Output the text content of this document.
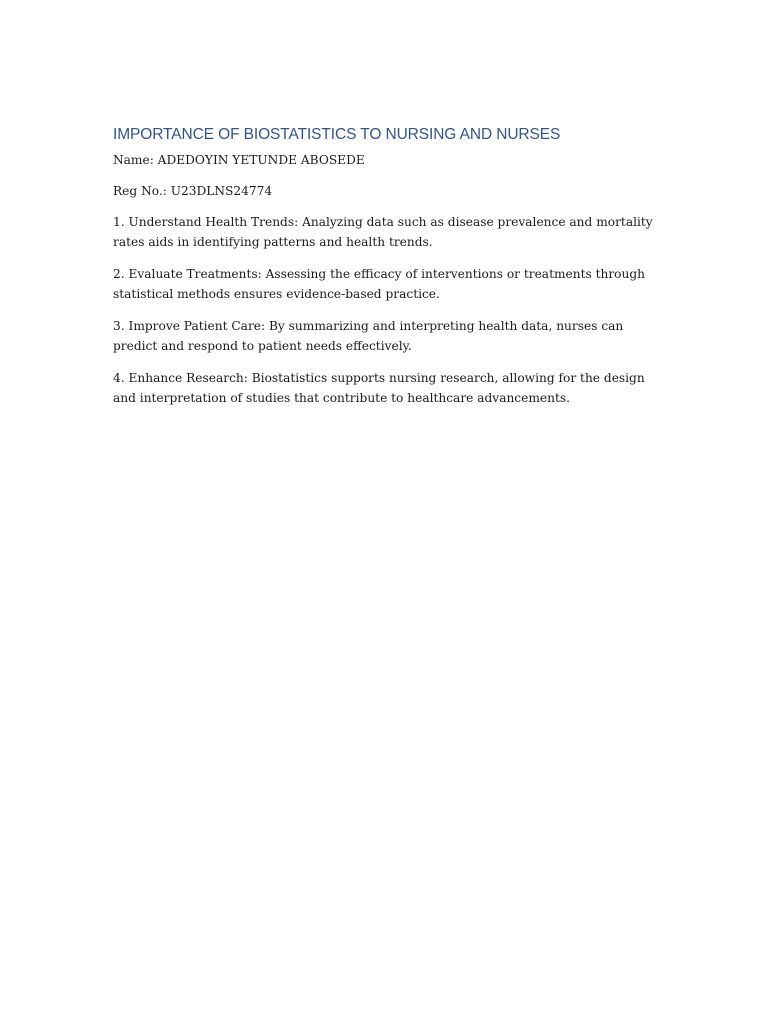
IMPORTANCE OF BIOSTATISTICS TO NURSING AND NURSES

Name: ADEDOYIN YETUNDE ABOSEDE

Reg No.: U23DLNS24774

1. Understand Health Trends: Analyzing data such as disease prevalence and mortality rates aids in identifying patterns and health trends.

2. Evaluate Treatments: Assessing the efficacy of interventions or treatments through statistical methods ensures evidence-based practice.

3. Improve Patient Care: By summarizing and interpreting health data, nurses can predict and respond to patient needs effectively.

4. Enhance Research: Biostatistics supports nursing research, allowing for the design and interpretation of studies that contribute to healthcare advancements.
